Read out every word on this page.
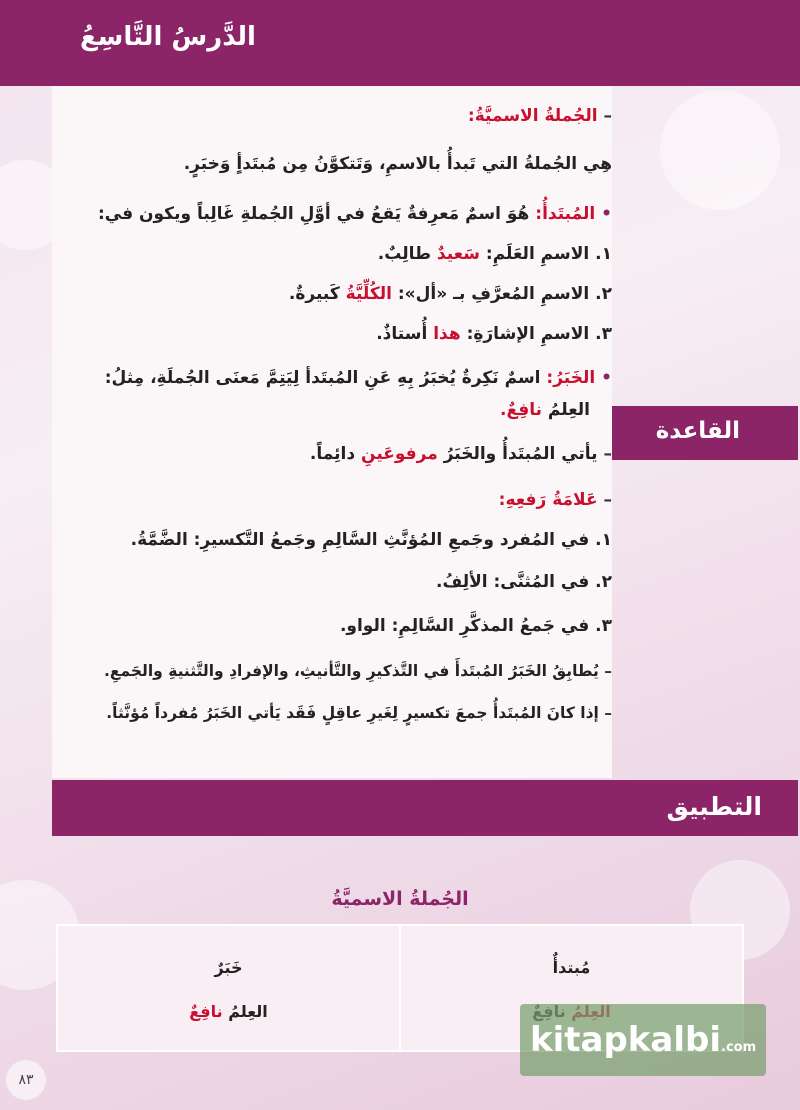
الدَّرسُ التَّاسِعُ
– الجُملةُ الاسميَّةُ:
هِي الجُملةُ التي تَبدأُ بالاسمِ، وَتَتكوَّنُ مِن مُبتَدأٍ وَخبَرٍ.
• المُبتَدأُ: هُوَ اسمٌ مَعرِفةٌ يَقعُ في أوَّلِ الجُملةِ غَالِباً ويكون في:
١. الاسمِ العَلَمِ: سَعيدٌ طالِبٌ.
٢. الاسمِ المُعرَّفِ بـ «أل»: الكُلِّيَّةُ كَبيرةٌ.
٣. الاسمِ الإشارَةِ: هذا أُستاذٌ.
• الخَبَرُ: اسمٌ نَكِرةٌ يُخبَرُ بِهِ عَنِ المُبتَدأ لِيَتِمَّ مَعنَى الجُملَةِ، مِثلُ:
العِلمُ نافِعٌ.
– يأتي المُبتَدأُ والخَبَرُ مرفوعَينِ دائِماً.
– عَلامَةُ رَفعِهِ:
١. في المُفرد وجَمعِ المُؤنَّثِ السَّالِمِ وجَمعُ التَّكسيرِ: الضَّمَّةُ.
٢. في المُثنَّى: الألِفُ.
٣. في جَمعُ المذكَّرِ السَّالِمِ: الواو.
– يُطابِقُ الخَبَرُ المُبتَدأَ في التَّذكيرِ والتَّأنيثِ، والإفرادِ والتَّثنيةِ والجَمعِ.
– إذا كانَ المُبتَدأُ جمعَ تكسيرٍ لِغَيرِ عاقِلٍ فَقَد يَأتي الخَبَرُ مُفرداً مُؤنَّثاً.
القاعدة
التطبيق
الجُملةُ الاسميَّةُ
خَبَرٌ
العِلمُ نافِعٌ
مُبتدأٌ
٨٣
kitapkalbi.com
